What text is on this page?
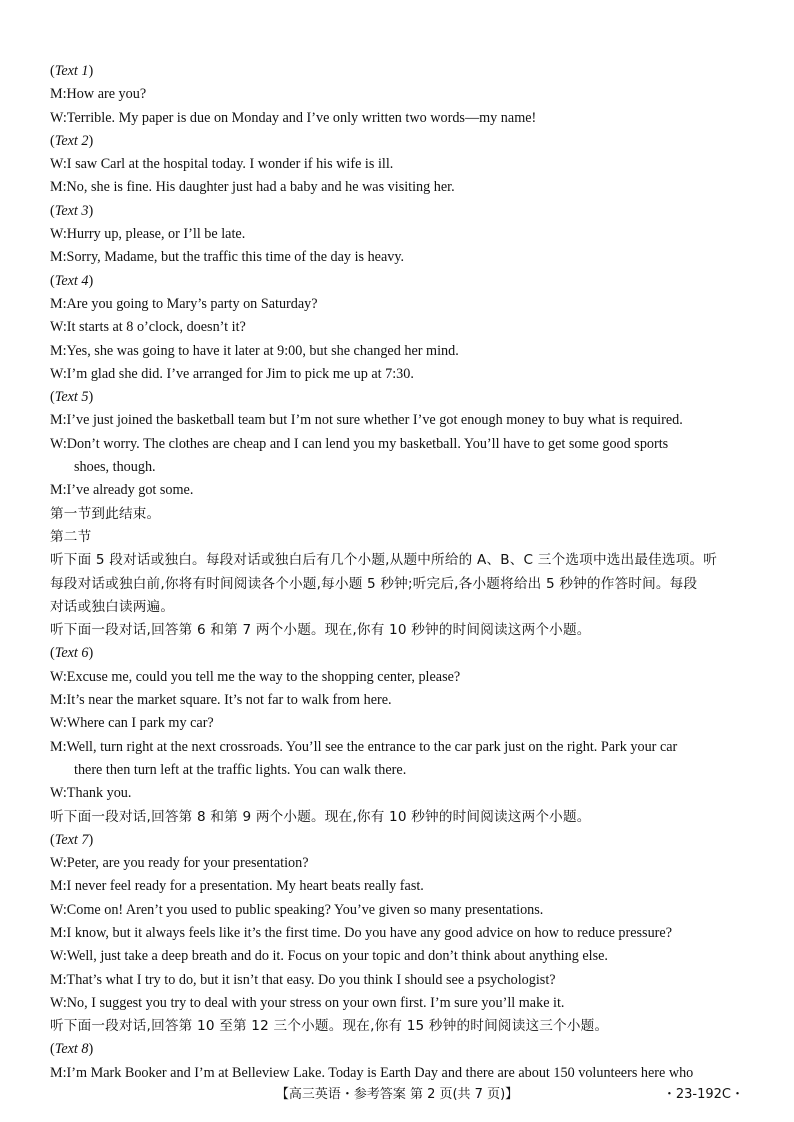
(Text 1)
M:How are you?
W:Terrible. My paper is due on Monday and I’ve only written two words—my name!
(Text 2)
W:I saw Carl at the hospital today. I wonder if his wife is ill.
M:No, she is fine. His daughter just had a baby and he was visiting her.
(Text 3)
W:Hurry up, please, or I’ll be late.
M:Sorry, Madame, but the traffic this time of the day is heavy.
(Text 4)
M:Are you going to Mary’s party on Saturday?
W:It starts at 8 o’clock, doesn’t it?
M:Yes, she was going to have it later at 9:00, but she changed her mind.
W:I’m glad she did. I’ve arranged for Jim to pick me up at 7:30.
(Text 5)
M:I’ve just joined the basketball team but I’m not sure whether I’ve got enough money to buy what is required.
W:Don’t worry. The clothes are cheap and I can lend you my basketball. You’ll have to get some good sports
shoes, though.
M:I’ve already got some.
第一节到此结束。
第二节
听下面 5 段对话或独白。每段对话或独白后有几个小题,从题中所给的 A、B、C 三个选项中选出最佳选项。听
每段对话或独白前,你将有时间阅读各个小题,每小题 5 秒钟;听完后,各小题将给出 5 秒钟的作答时间。每段
对话或独白读两遍。
听下面一段对话,回答第 6 和第 7 两个小题。现在,你有 10 秒钟的时间阅读这两个小题。
(Text 6)
W:Excuse me, could you tell me the way to the shopping center, please?
M:It’s near the market square. It’s not far to walk from here.
W:Where can I park my car?
M:Well, turn right at the next crossroads. You’ll see the entrance to the car park just on the right. Park your car
there then turn left at the traffic lights. You can walk there.
W:Thank you.
听下面一段对话,回答第 8 和第 9 两个小题。现在,你有 10 秒钟的时间阅读这两个小题。
(Text 7)
W:Peter, are you ready for your presentation?
M:I never feel ready for a presentation. My heart beats really fast.
W:Come on! Aren’t you used to public speaking? You’ve given so many presentations.
M:I know, but it always feels like it’s the first time. Do you have any good advice on how to reduce pressure?
W:Well, just take a deep breath and do it. Focus on your topic and don’t think about anything else.
M:That’s what I try to do, but it isn’t that easy. Do you think I should see a psychologist?
W:No, I suggest you try to deal with your stress on your own first. I’m sure you’ll make it.
听下面一段对话,回答第 10 至第 12 三个小题。现在,你有 15 秒钟的时间阅读这三个小题。
(Text 8)
M:I’m Mark Booker and I’m at Belleview Lake. Today is Earth Day and there are about 150 volunteers here who
【高三英语・参考答案 第 2 页(共 7 页)】	・23-192C・
